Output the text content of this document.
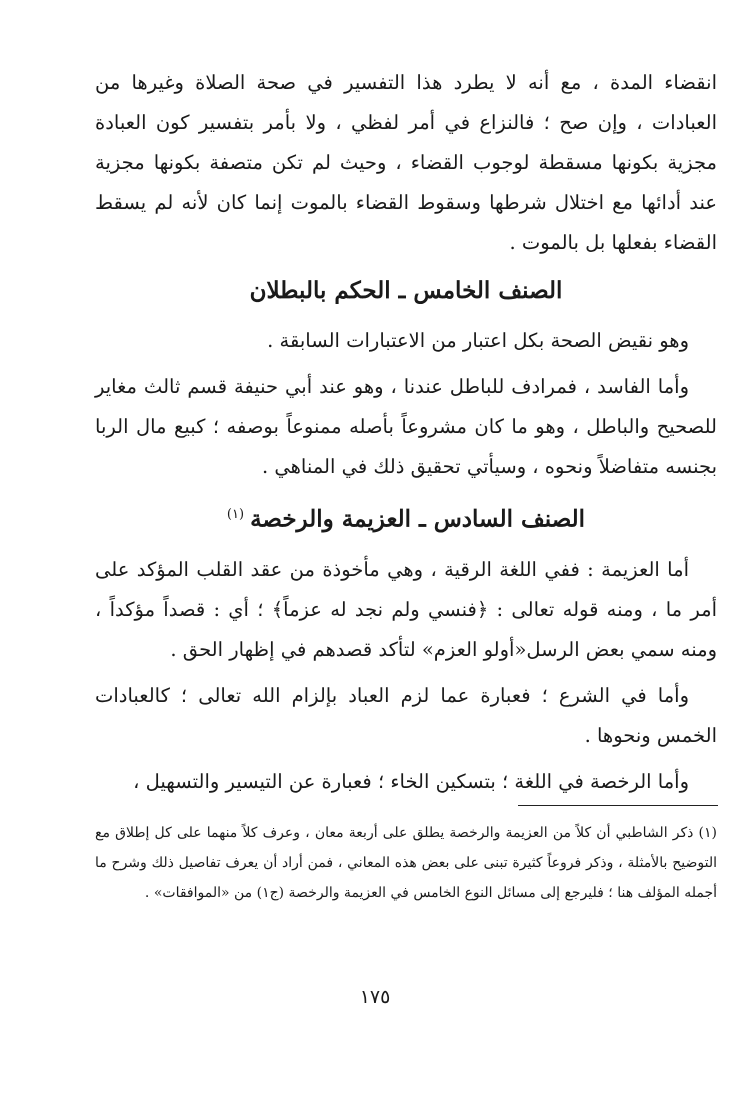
انقضاء المدة ، مع أنه لا يطرد هذا التفسير في صحة الصلاة وغيرها من العبادات ، وإن صح ؛ فالنزاع في أمر لفظي ، ولا بأمر بتفسير كون العبادة مجزية بكونها مسقطة لوجوب القضاء ، وحيث لم تكن متصفة بكونها مجزية عند أدائها مع اختلال شرطها وسقوط القضاء بالموت إنما كان لأنه لم يسقط القضاء بفعلها بل بالموت .

الصنف الخامس ـ الحكم بالبطلان

وهو نقيض الصحة بكل اعتبار من الاعتبارات السابقة .

وأما الفاسد ، فمرادف للباطل عندنا ، وهو عند أبي حنيفة قسم ثالث مغاير للصحيح والباطل ، وهو ما كان مشروعاً بأصله ممنوعاً بوصفه ؛ كبيع مال الربا بجنسه متفاضلاً ونحوه ، وسيأتي تحقيق ذلك في المناهي .

الصنف السادس ـ العزيمة والرخصة$^{(١)}$

أما العزيمة : ففي اللغة الرقية ، وهي مأخوذة من عقد القلب المؤكد على أمر ما ، ومنه قوله تعالى : ﴿فنسي ولم نجد له عزماً﴾ ؛ أي : قصداً مؤكداً ، ومنه سمي بعض الرسل«أولو العزم» لتأكد قصدهم في إظهار الحق .

وأما في الشرع ؛ فعبارة عما لزم العباد بإلزام الله تعالى ؛ كالعبادات الخمس ونحوها .

وأما الرخصة في اللغة ؛ بتسكين الخاء ؛ فعبارة عن التيسير والتسهيل ،

(١) ذكر الشاطبي أن كلاً من العزيمة والرخصة يطلق على أربعة معان ، وعرف كلاً منهما على كل إطلاق مع التوضيح بالأمثلة ، وذكر فروعاً كثيرة تبنى على بعض هذه المعاني ، فمن أراد أن يعرف تفاصيل ذلك وشرح ما أجمله المؤلف هنا ؛ فليرجع إلى مسائل النوع الخامس في العزيمة والرخصة (ج١) من «الموافقات» .

١٧٥
